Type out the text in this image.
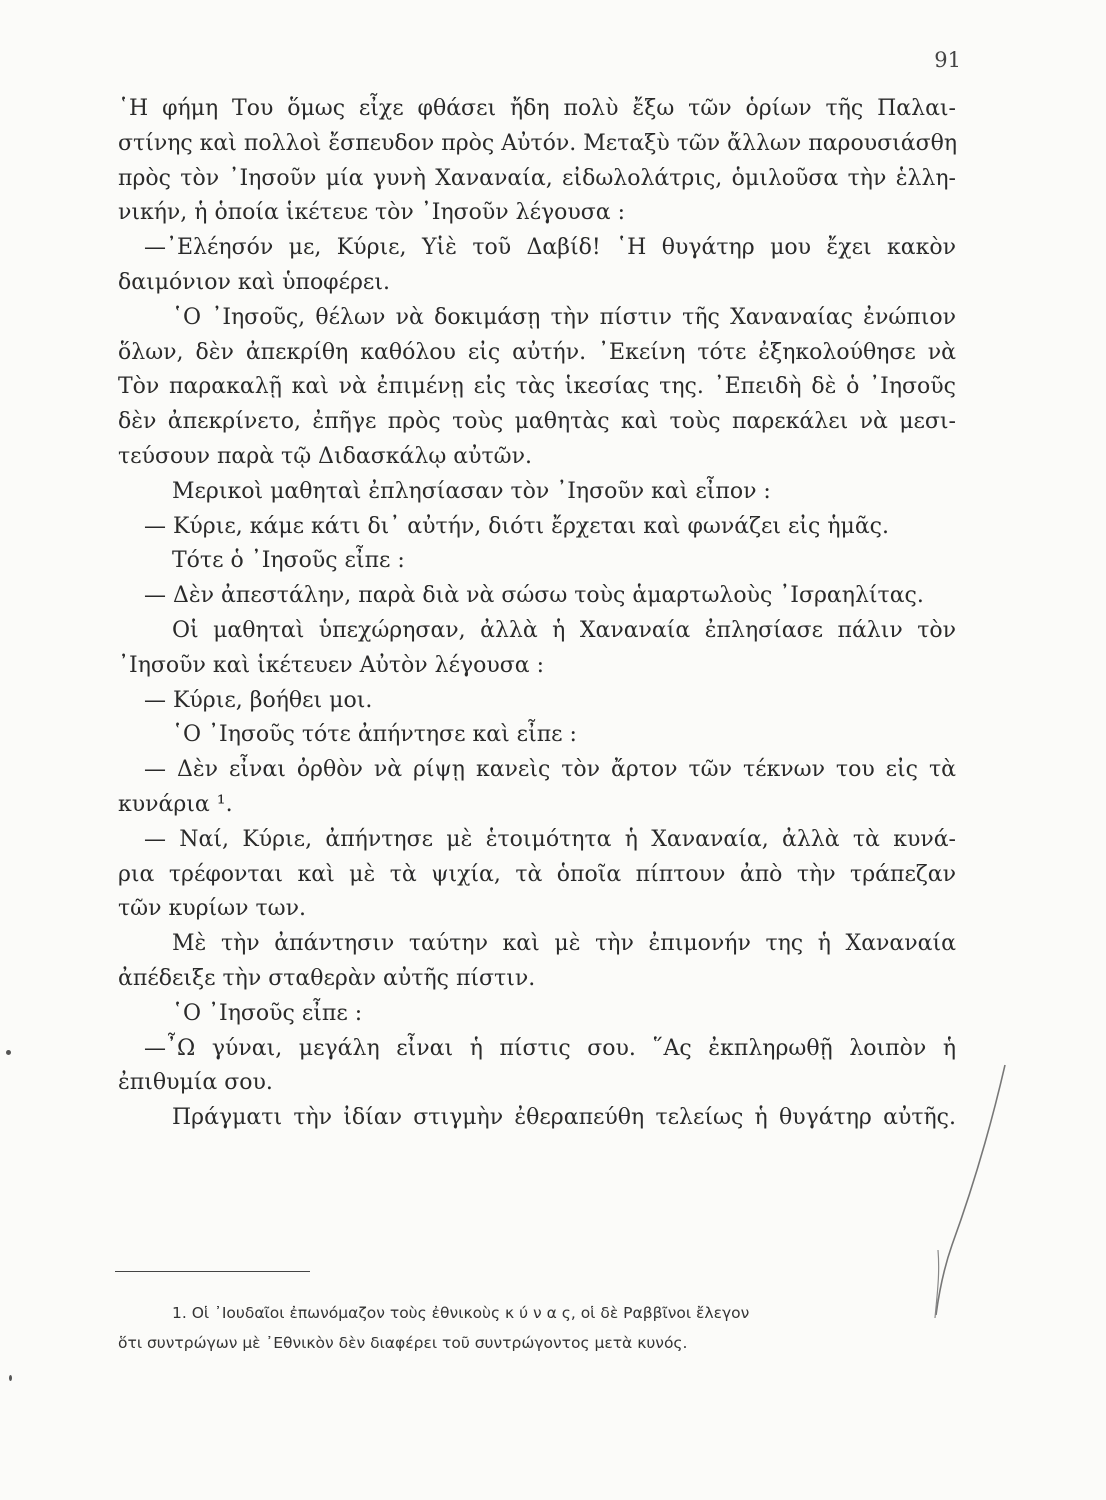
91
῾Η φήμη Του ὅμως εἶχε φθάσει ἤδη πολὺ ἔξω τῶν ὁρίων τῆς Παλαι-
στίνης καὶ πολλοὶ ἔσπευδον πρὸς Αὐτόν. Μεταξὺ τῶν ἄλλων παρουσιάσθη
πρὸς τὸν ᾿Ιησοῦν μία γυνὴ Χαναναία, εἰδωλολάτρις, ὁμιλοῦσα τὴν ἑλλη-
νικήν, ἡ ὁποία ἱκέτευε τὸν ᾿Ιησοῦν λέγουσα :
—᾿Ελέησόν με, Κύριε, Υἱὲ τοῦ Δαβίδ! ῾Η θυγάτηρ μου ἔχει κακὸν
δαιμόνιον καὶ ὑποφέρει.
῾Ο ᾿Ιησοῦς, θέλων νὰ δοκιμάσῃ τὴν πίστιν τῆς Χαναναίας ἐνώπιον
ὅλων, δὲν ἀπεκρίθη καθόλου εἰς αὐτήν. ᾿Εκείνη τότε ἐξηκολούθησε νὰ
Τὸν παρακαλῇ καὶ νὰ ἐπιμένῃ εἰς τὰς ἱκεσίας της. ᾿Επειδὴ δὲ ὁ ᾿Ιησοῦς
δὲν ἀπεκρίνετο, ἐπῆγε πρὸς τοὺς μαθητὰς καὶ τοὺς παρεκάλει νὰ μεσι-
τεύσουν παρὰ τῷ Διδασκάλῳ αὐτῶν.
Μερικοὶ μαθηταὶ ἐπλησίασαν τὸν ᾿Ιησοῦν καὶ εἶπον :
— Κύριε, κάμε κάτι δι᾿ αὐτήν, διότι ἔρχεται καὶ φωνάζει εἰς ἡμᾶς.
Τότε ὁ ᾿Ιησοῦς εἶπε :
— Δὲν ἀπεστάλην, παρὰ διὰ νὰ σώσω τοὺς ἁμαρτωλοὺς ᾿Ισραηλίτας.
Οἱ μαθηταὶ ὑπεχώρησαν, ἀλλὰ ἡ Χαναναία ἐπλησίασε πάλιν τὸν
᾿Ιησοῦν καὶ ἱκέτευεν Αὐτὸν λέγουσα :
— Κύριε, βοήθει μοι.
῾Ο ᾿Ιησοῦς τότε ἀπήντησε καὶ εἶπε :
— Δὲν εἶναι ὀρθὸν νὰ ρίψῃ κανεὶς τὸν ἄρτον τῶν τέκνων του εἰς τὰ
κυνάρια ¹.
— Ναί, Κύριε, ἀπήντησε μὲ ἑτοιμότητα ἡ Χαναναία, ἀλλὰ τὰ κυνά-
ρια τρέφονται καὶ μὲ τὰ ψιχία, τὰ ὁποῖα πίπτουν ἀπὸ τὴν τράπεζαν
τῶν κυρίων των.
Μὲ τὴν ἀπάντησιν ταύτην καὶ μὲ τὴν ἐπιμονήν της ἡ Χαναναία
ἀπέδειξε τὴν σταθερὰν αὐτῆς πίστιν.
῾Ο ᾿Ιησοῦς εἶπε :
—῏Ω γύναι, μεγάλη εἶναι ἡ πίστις σου. ῞Ας ἐκπληρωθῇ λοιπὸν ἡ
ἐπιθυμία σου.
Πράγματι τὴν ἰδίαν στιγμὴν ἐθεραπεύθη τελείως ἡ θυγάτηρ αὐτῆς.
1. Οἱ ᾿Ιουδαῖοι ἐπωνόμαζον τοὺς ἐθνικοὺς κ ύ ν α ς, οἱ δὲ Ραββῖνοι ἔλεγον
ὅτι συντρώγων μὲ ᾿Εθνικὸν δὲν διαφέρει τοῦ συντρώγοντος μετὰ κυνός.
